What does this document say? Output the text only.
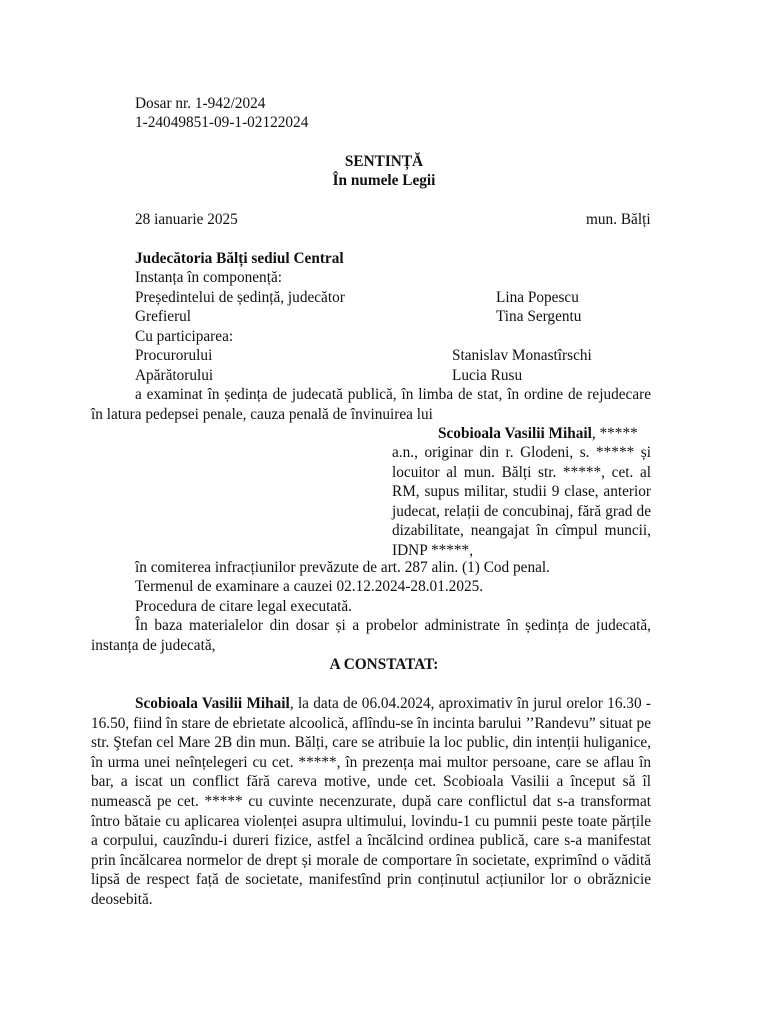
Dosar nr. 1-942/2024
1-24049851-09-1-02122024
SENTINȚĂ
În numele Legii
28 ianuarie 2025	mun. Bălți
Judecătoria Bălți sediul Central
Instanța în componență:
Președintelui de ședință, judecător	Lina Popescu
Grefierul	Tina Sergentu
Cu participarea:
Procurorului	Stanislav Monastîrschi
Apărătorului	Lucia Rusu
a examinat în ședința de judecată publică, în limba de stat, în ordine de rejudecare în latura pedepsei penale, cauza penală de învinuirea lui
Scobioala Vasilii Mihail, *****
a.n., originar din r. Glodeni, s. ***** și locuitor al mun. Bălți str. *****, cet. al RM, supus militar, studii 9 clase, anterior judecat, relații de concubinaj, fără grad de dizabilitate, neangajat în cîmpul muncii, IDNP *****,
în comiterea infracțiunilor prevăzute de art. 287 alin. (1) Cod penal.
Termenul de examinare a cauzei 02.12.2024-28.01.2025.
Procedura de citare legal executată.
În baza materialelor din dosar și a probelor administrate în ședința de judecată, instanța de judecată,
A CONSTATAT:
Scobioala Vasilii Mihail, la data de 06.04.2024, aproximativ în jurul orelor 16.30 - 16.50, fiind în stare de ebrietate alcoolică, aflîndu-se în incinta barului ’’Randevu” situat pe str. Ştefan cel Mare 2B din mun. Bălți, care se atribuie la loc public, din intenții huliganice, în urma unei neînțelegeri cu cet. *****, în prezența mai multor persoane, care se aflau în bar, a iscat un conflict fără careva motive, unde cet. Scobioala Vasilii a început să îl numească pe cet. ***** cu cuvinte necenzurate, după care conflictul dat s-a transformat întro bătaie cu aplicarea violenței asupra ultimului, lovindu-1 cu pumnii peste toate părțile a corpului, cauzîndu-i dureri fizice, astfel a încălcind ordinea publică, care s-a manifestat prin încălcarea normelor de drept și morale de comportare în societate, exprimînd o vădită lipsă de respect față de societate, manifestînd prin conținutul acțiunilor lor o obrăznicie deosebită.
